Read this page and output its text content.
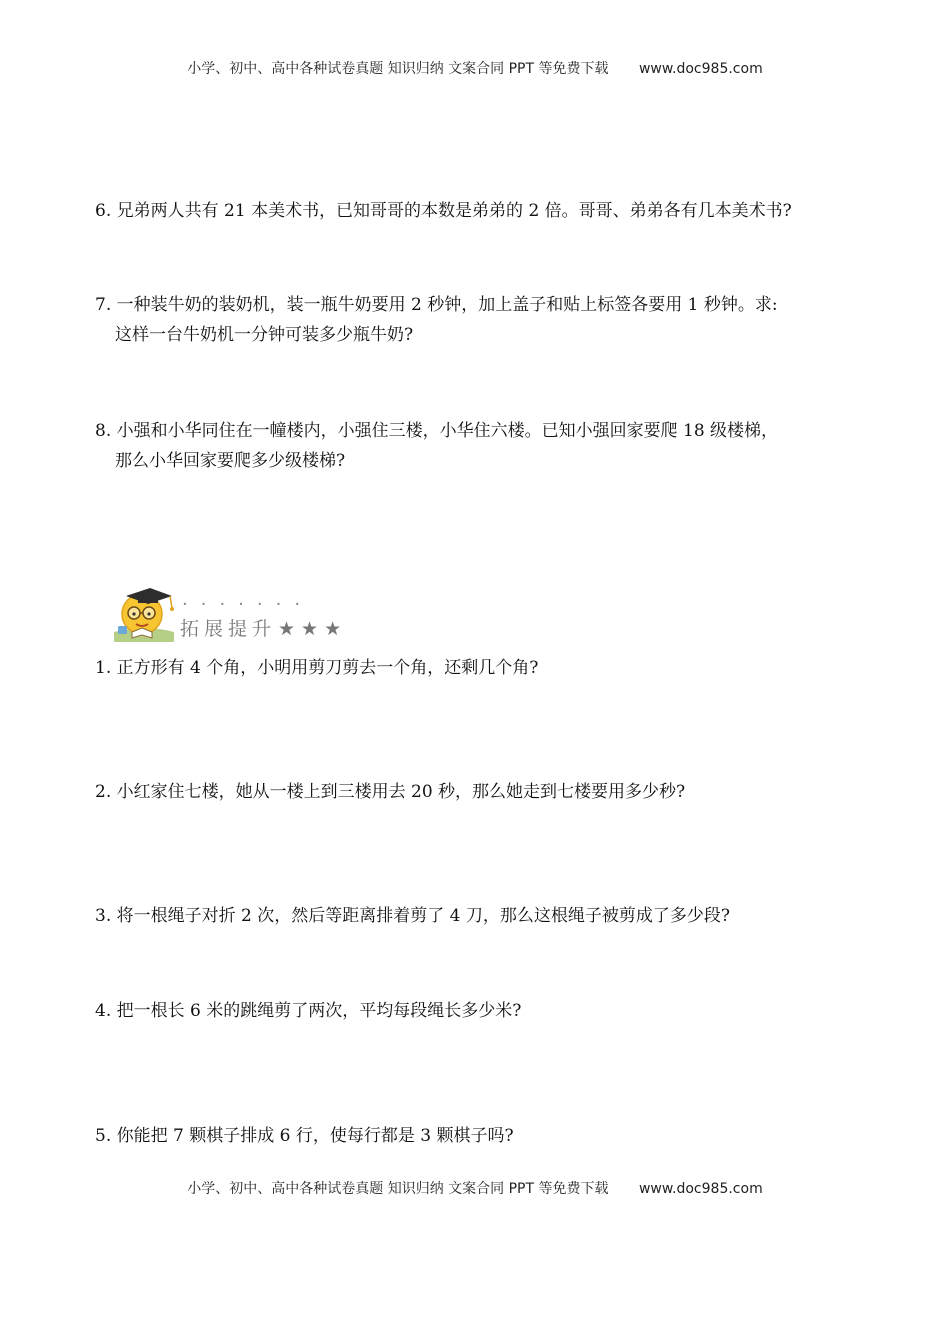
小学、初中、高中各种试卷真题 知识归纳 文案合同 PPT 等免费下载 www.doc985.com
6. 兄弟两人共有 21 本美术书，已知哥哥的本数是弟弟的 2 倍。哥哥、弟弟各有几本美术书?
7. 一种装牛奶的装奶机，装一瓶牛奶要用 2 秒钟，加上盖子和贴上标签各要用 1 秒钟。求:
这样一台牛奶机一分钟可装多少瓶牛奶?
8. 小强和小华同住在一幢楼内，小强住三楼，小华住六楼。已知小强回家要爬 18 级楼梯，
那么小华回家要爬多少级楼梯?
·······
拓展提升 ★★★
1. 正方形有 4 个角，小明用剪刀剪去一个角，还剩几个角?
2. 小红家住七楼，她从一楼上到三楼用去 20 秒，那么她走到七楼要用多少秒?
3. 将一根绳子对折 2 次，然后等距离排着剪了 4 刀，那么这根绳子被剪成了多少段?
4. 把一根长 6 米的跳绳剪了两次，平均每段绳长多少米?
5. 你能把 7 颗棋子排成 6 行，使每行都是 3 颗棋子吗?
小学、初中、高中各种试卷真题 知识归纳 文案合同 PPT 等免费下载 www.doc985.com
